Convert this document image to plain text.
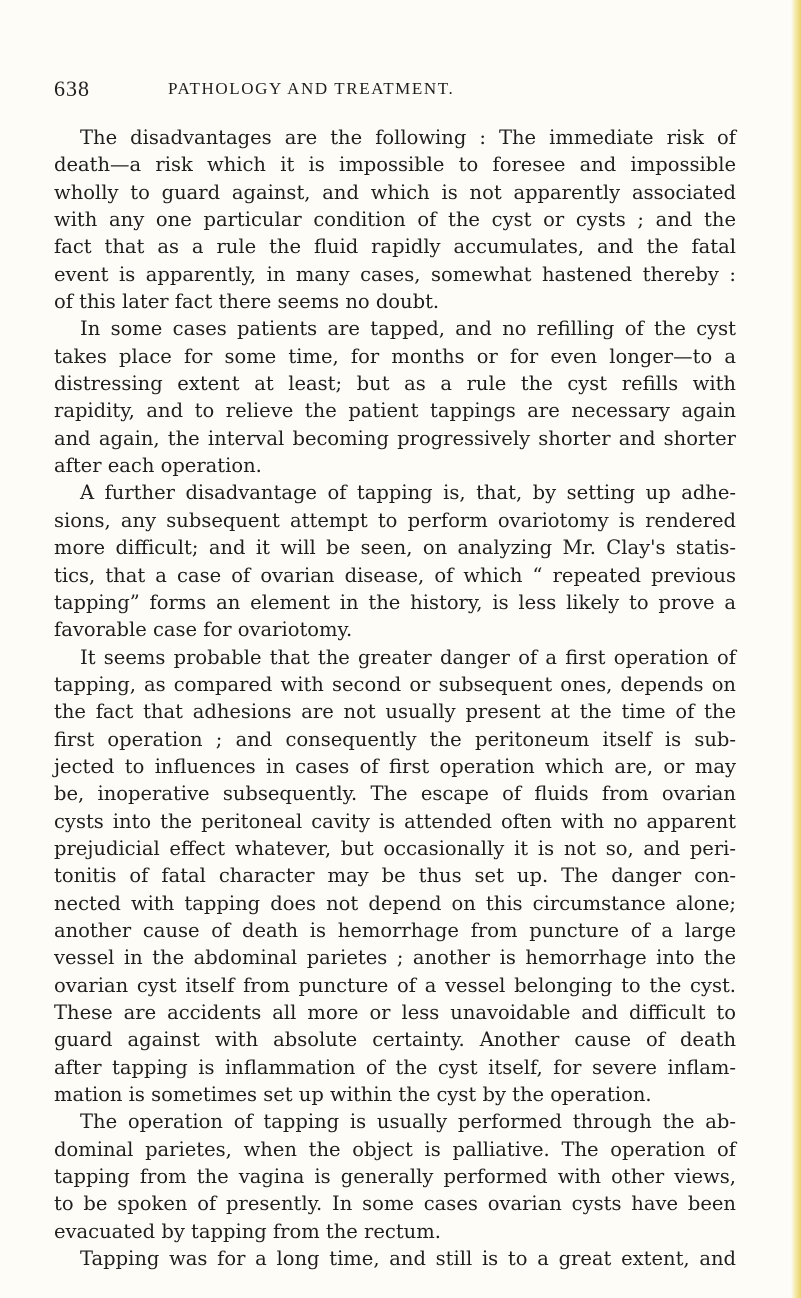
638	PATHOLOGY AND TREATMENT.
The disadvantages are the following : The immediate risk of
death—a risk which it is impossible to foresee and impossible
wholly to guard against, and which is not apparently associated
with any one particular condition of the cyst or cysts ; and the
fact that as a rule the fluid rapidly accumulates, and the fatal
event is apparently, in many cases, somewhat hastened thereby :
of this later fact there seems no doubt.
In some cases patients are tapped, and no refilling of the cyst
takes place for some time, for months or for even longer—to a
distressing extent at least; but as a rule the cyst refills with
rapidity, and to relieve the patient tappings are necessary again
and again, the interval becoming progressively shorter and shorter
after each operation.
A further disadvantage of tapping is, that, by setting up adhe-
sions, any subsequent attempt to perform ovariotomy is rendered
more difficult; and it will be seen, on analyzing Mr. Clay's statis-
tics, that a case of ovarian disease, of which “ repeated previous
tapping” forms an element in the history, is less likely to prove a
favorable case for ovariotomy.
It seems probable that the greater danger of a first operation of
tapping, as compared with second or subsequent ones, depends on
the fact that adhesions are not usually present at the time of the
first operation ; and consequently the peritoneum itself is sub-
jected to influences in cases of first operation which are, or may
be, inoperative subsequently. The escape of fluids from ovarian
cysts into the peritoneal cavity is attended often with no apparent
prejudicial effect whatever, but occasionally it is not so, and peri-
tonitis of fatal character may be thus set up. The danger con-
nected with tapping does not depend on this circumstance alone;
another cause of death is hemorrhage from puncture of a large
vessel in the abdominal parietes ; another is hemorrhage into the
ovarian cyst itself from puncture of a vessel belonging to the cyst.
These are accidents all more or less unavoidable and difficult to
guard against with absolute certainty. Another cause of death
after tapping is inflammation of the cyst itself, for severe inflam-
mation is sometimes set up within the cyst by the operation.
The operation of tapping is usually performed through the ab-
dominal parietes, when the object is palliative. The operation of
tapping from the vagina is generally performed with other views,
to be spoken of presently. In some cases ovarian cysts have been
evacuated by tapping from the rectum.
Tapping was for a long time, and still is to a great extent, and
